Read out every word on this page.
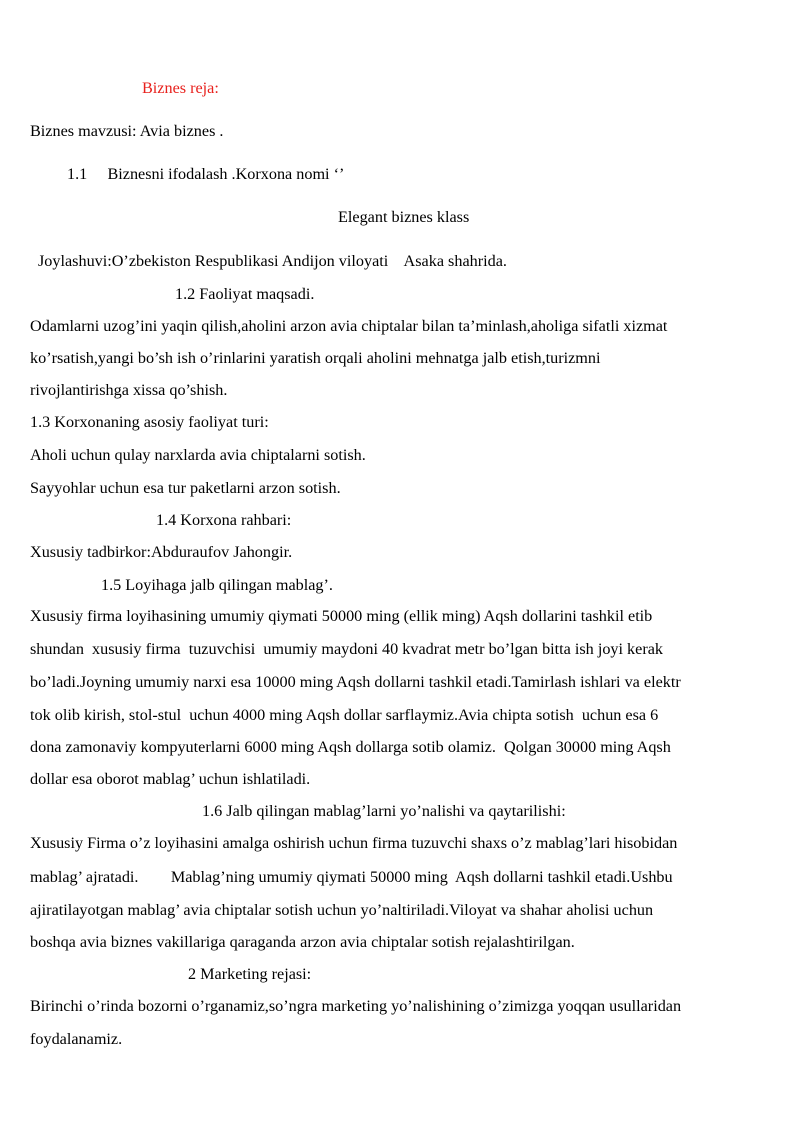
Biznes reja:
Biznes mavzusi: Avia biznes .
1.1     Biznesni ifodalash .Korxona nomi ‘’
Elegant biznes klass
Joylashuvi:O’zbekiston Respublikasi Andijon viloyati    Asaka shahrida.
1.2 Faoliyat maqsadi.
Odamlarni uzog’ini yaqin qilish,aholini arzon avia chiptalar bilan ta’minlash,aholiga sifatli xizmat
ko’rsatish,yangi bo’sh ish o’rinlarini yaratish orqali aholini mehnatga jalb etish,turizmni
rivojlantirishga xissa qo’shish.
1.3 Korxonaning asosiy faoliyat turi:
Aholi uchun qulay narxlarda avia chiptalarni sotish.
Sayyohlar uchun esa tur paketlarni arzon sotish.
1.4 Korxona rahbari:
Xususiy tadbirkor:Abduraufov Jahongir.
1.5 Loyihaga jalb qilingan mablag’.
Xususiy firma loyihasining umumiy qiymati 50000 ming (ellik ming) Aqsh dollarini tashkil etib
shundan  xususiy firma  tuzuvchisi  umumiy maydoni 40 kvadrat metr bo’lgan bitta ish joyi kerak
bo’ladi.Joyning umumiy narxi esa 10000 ming Aqsh dollarni tashkil etadi.Tamirlash ishlari va elektr
tok olib kirish, stol-stul  uchun 4000 ming Aqsh dollar sarflaymiz.Avia chipta sotish  uchun esa 6
dona zamonaviy kompyuterlarni 6000 ming Aqsh dollarga sotib olamiz.  Qolgan 30000 ming Aqsh
dollar esa oborot mablag’ uchun ishlatiladi.
1.6 Jalb qilingan mablag’larni yo’nalishi va qaytarilishi:
Xususiy Firma o’z loyihasini amalga oshirish uchun firma tuzuvchi shaxs o’z mablag’lari hisobidan
mablag’ ajratadi.        Mablag’ning umumiy qiymati 50000 ming  Aqsh dollarni tashkil etadi.Ushbu
ajiratilayotgan mablag’ avia chiptalar sotish uchun yo’naltiriladi.Viloyat va shahar aholisi uchun
boshqa avia biznes vakillariga qaraganda arzon avia chiptalar sotish rejalashtirilgan.
2 Marketing rejasi:
Birinchi o’rinda bozorni o’rganamiz,so’ngra marketing yo’nalishining o’zimizga yoqqan usullaridan
foydalanamiz.
